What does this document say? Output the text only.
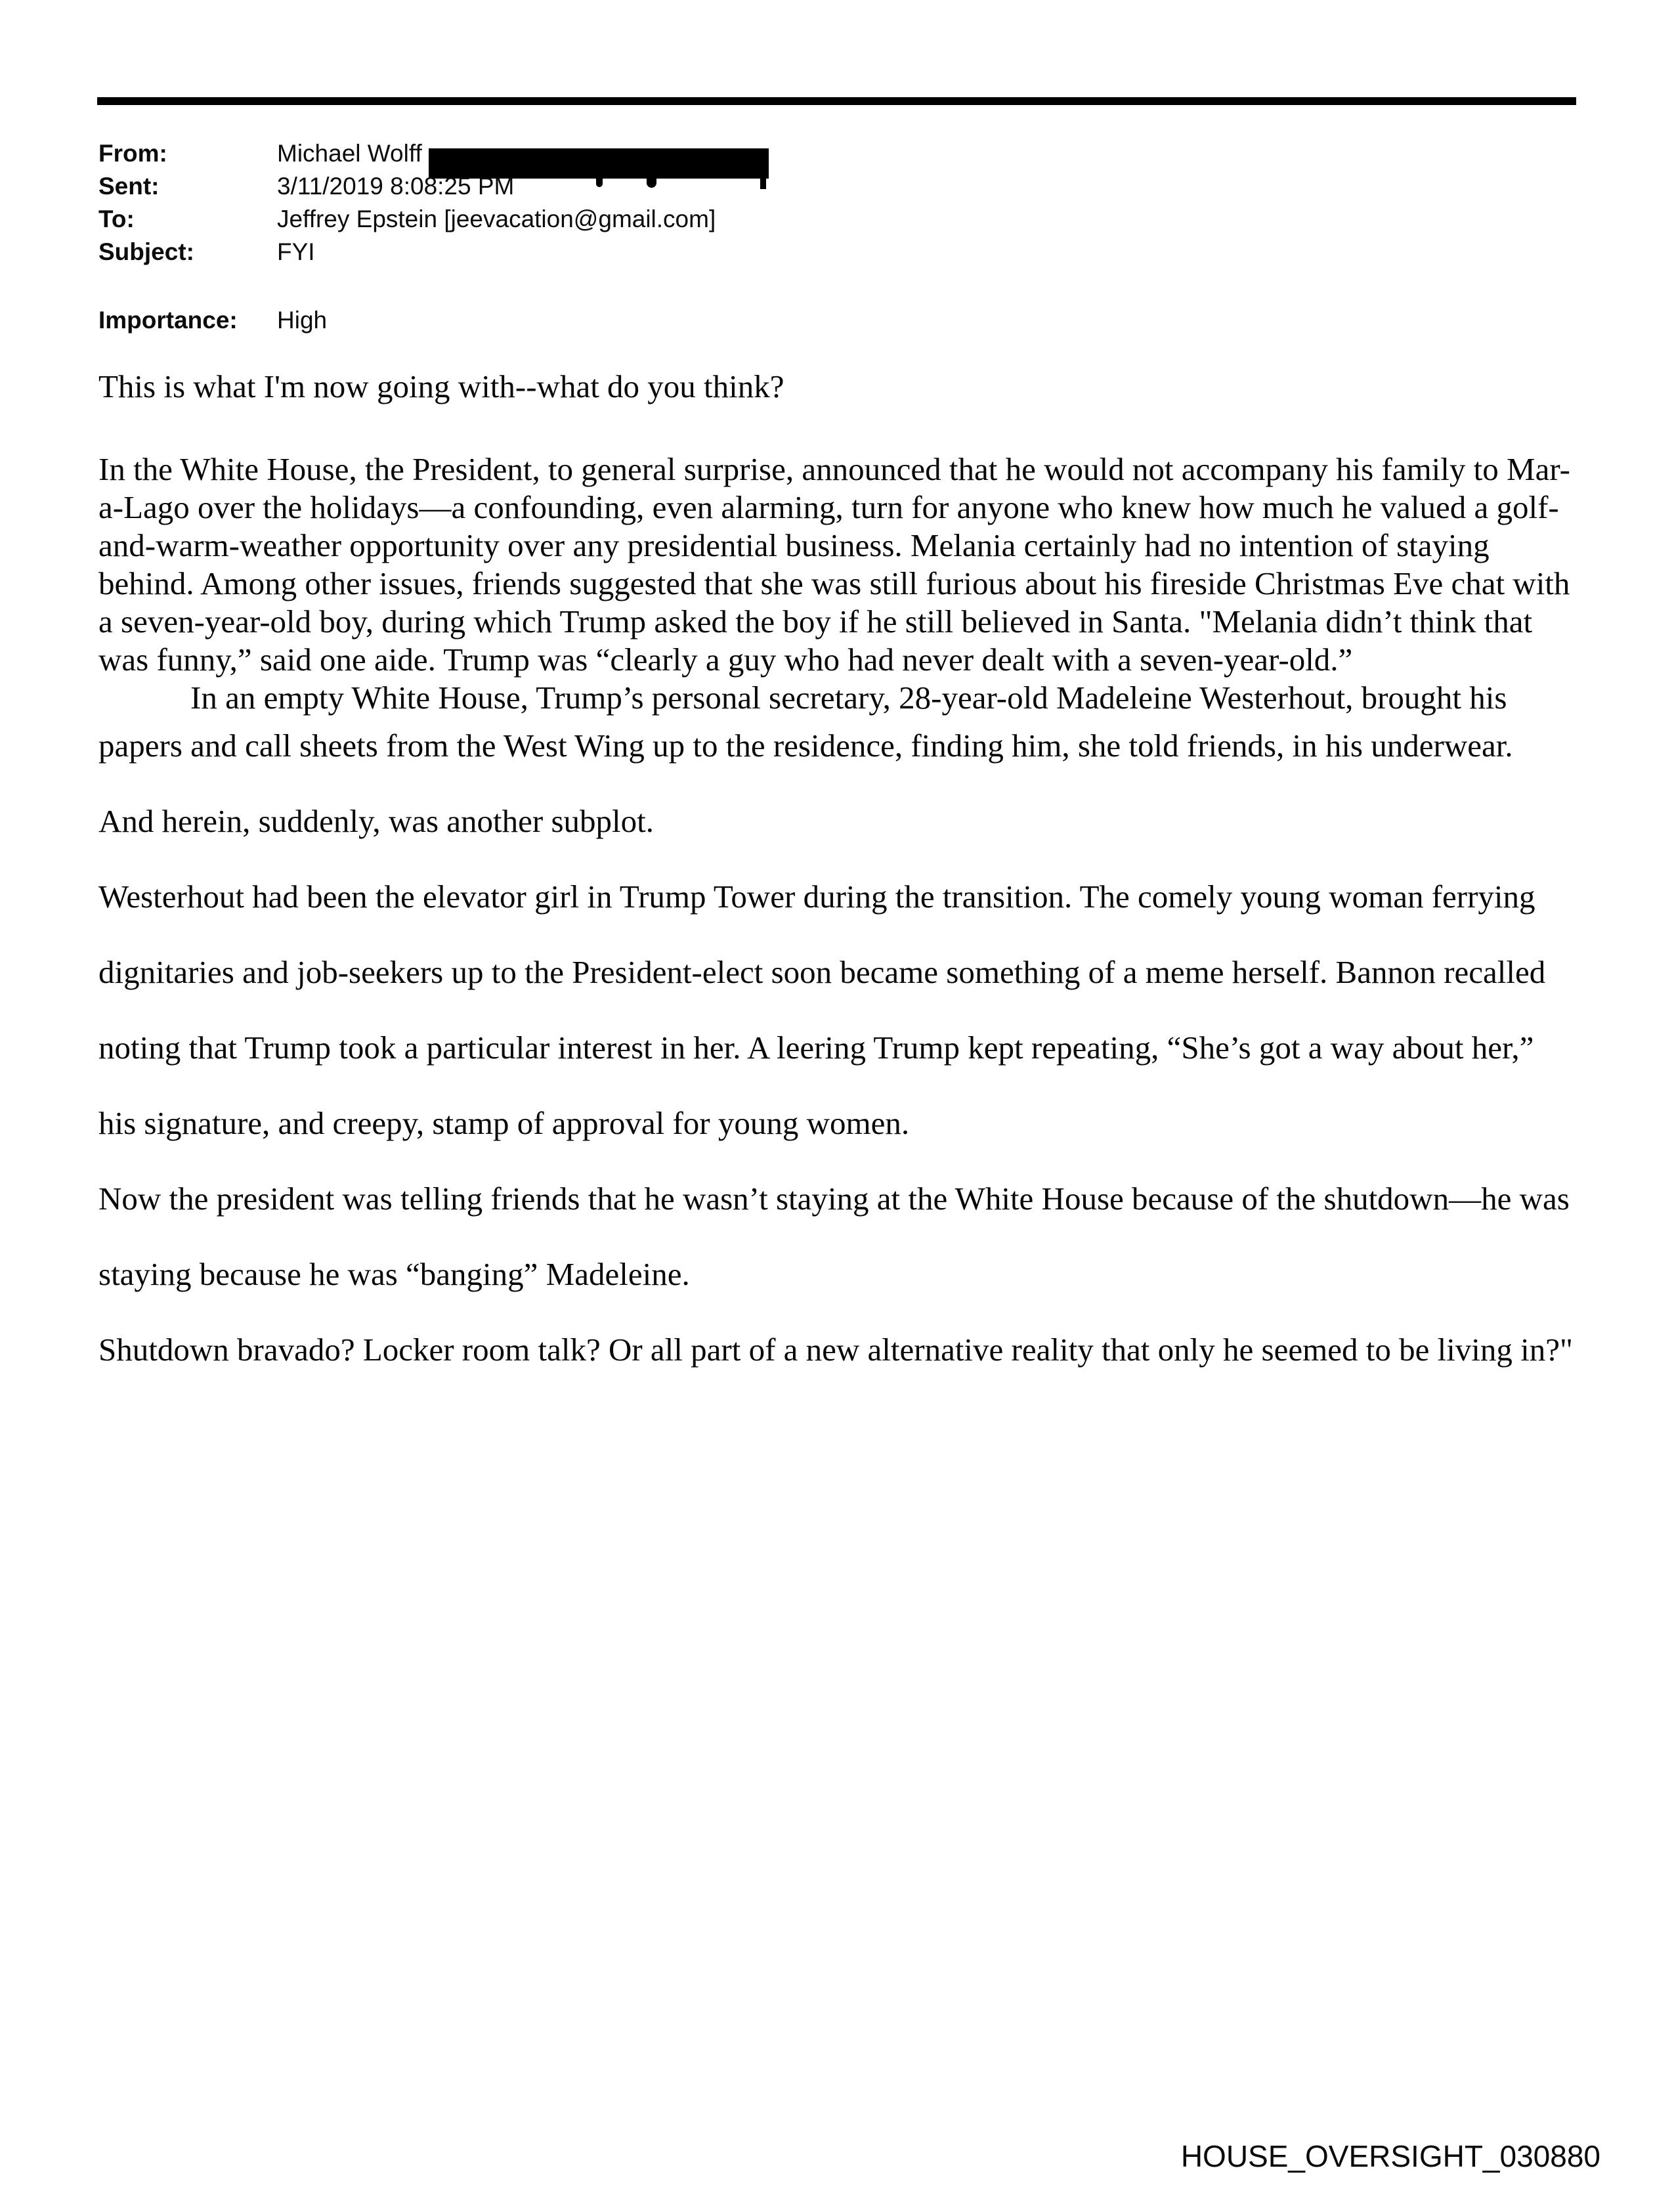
From:	Michael Wolff
Sent:	3/11/2019 8:08:25 PM
To:	Jeffrey Epstein [jeevacation@gmail.com]
Subject:	FYI
Importance: High
This is what I'm now going with--what do you think?

In the White House, the President, to general surprise, announced that he would not accompany his family to Mar-a-Lago over the holidays—a confounding, even alarming, turn for anyone who knew how much he valued a golf-and-warm-weather opportunity over any presidential business. Melania certainly had no intention of staying behind. Among other issues, friends suggested that she was still furious about his fireside Christmas Eve chat with a seven-year-old boy, during which Trump asked the boy if he still believed in Santa. "Melania didn’t think that was funny,” said one aide. Trump was “clearly a guy who had never dealt with a seven-year-old.”

In an empty White House, Trump’s personal secretary, 28-year-old Madeleine Westerhout, brought his

papers and call sheets from the West Wing up to the residence, finding him, she told friends, in his underwear.

And herein, suddenly, was another subplot.

Westerhout had been the elevator girl in Trump Tower during the transition. The comely young woman ferrying dignitaries and job-seekers up to the President-elect soon became something of a meme herself. Bannon recalled noting that Trump took a particular interest in her. A leering Trump kept repeating, “She’s got a way about her,” his signature, and creepy, stamp of approval for young women.

Now the president was telling friends that he wasn’t staying at the White House because of the shutdown—he was staying because he was “banging” Madeleine.

Shutdown bravado? Locker room talk? Or all part of a new alternative reality that only he seemed to be living in?"

HOUSE_OVERSIGHT_030880
